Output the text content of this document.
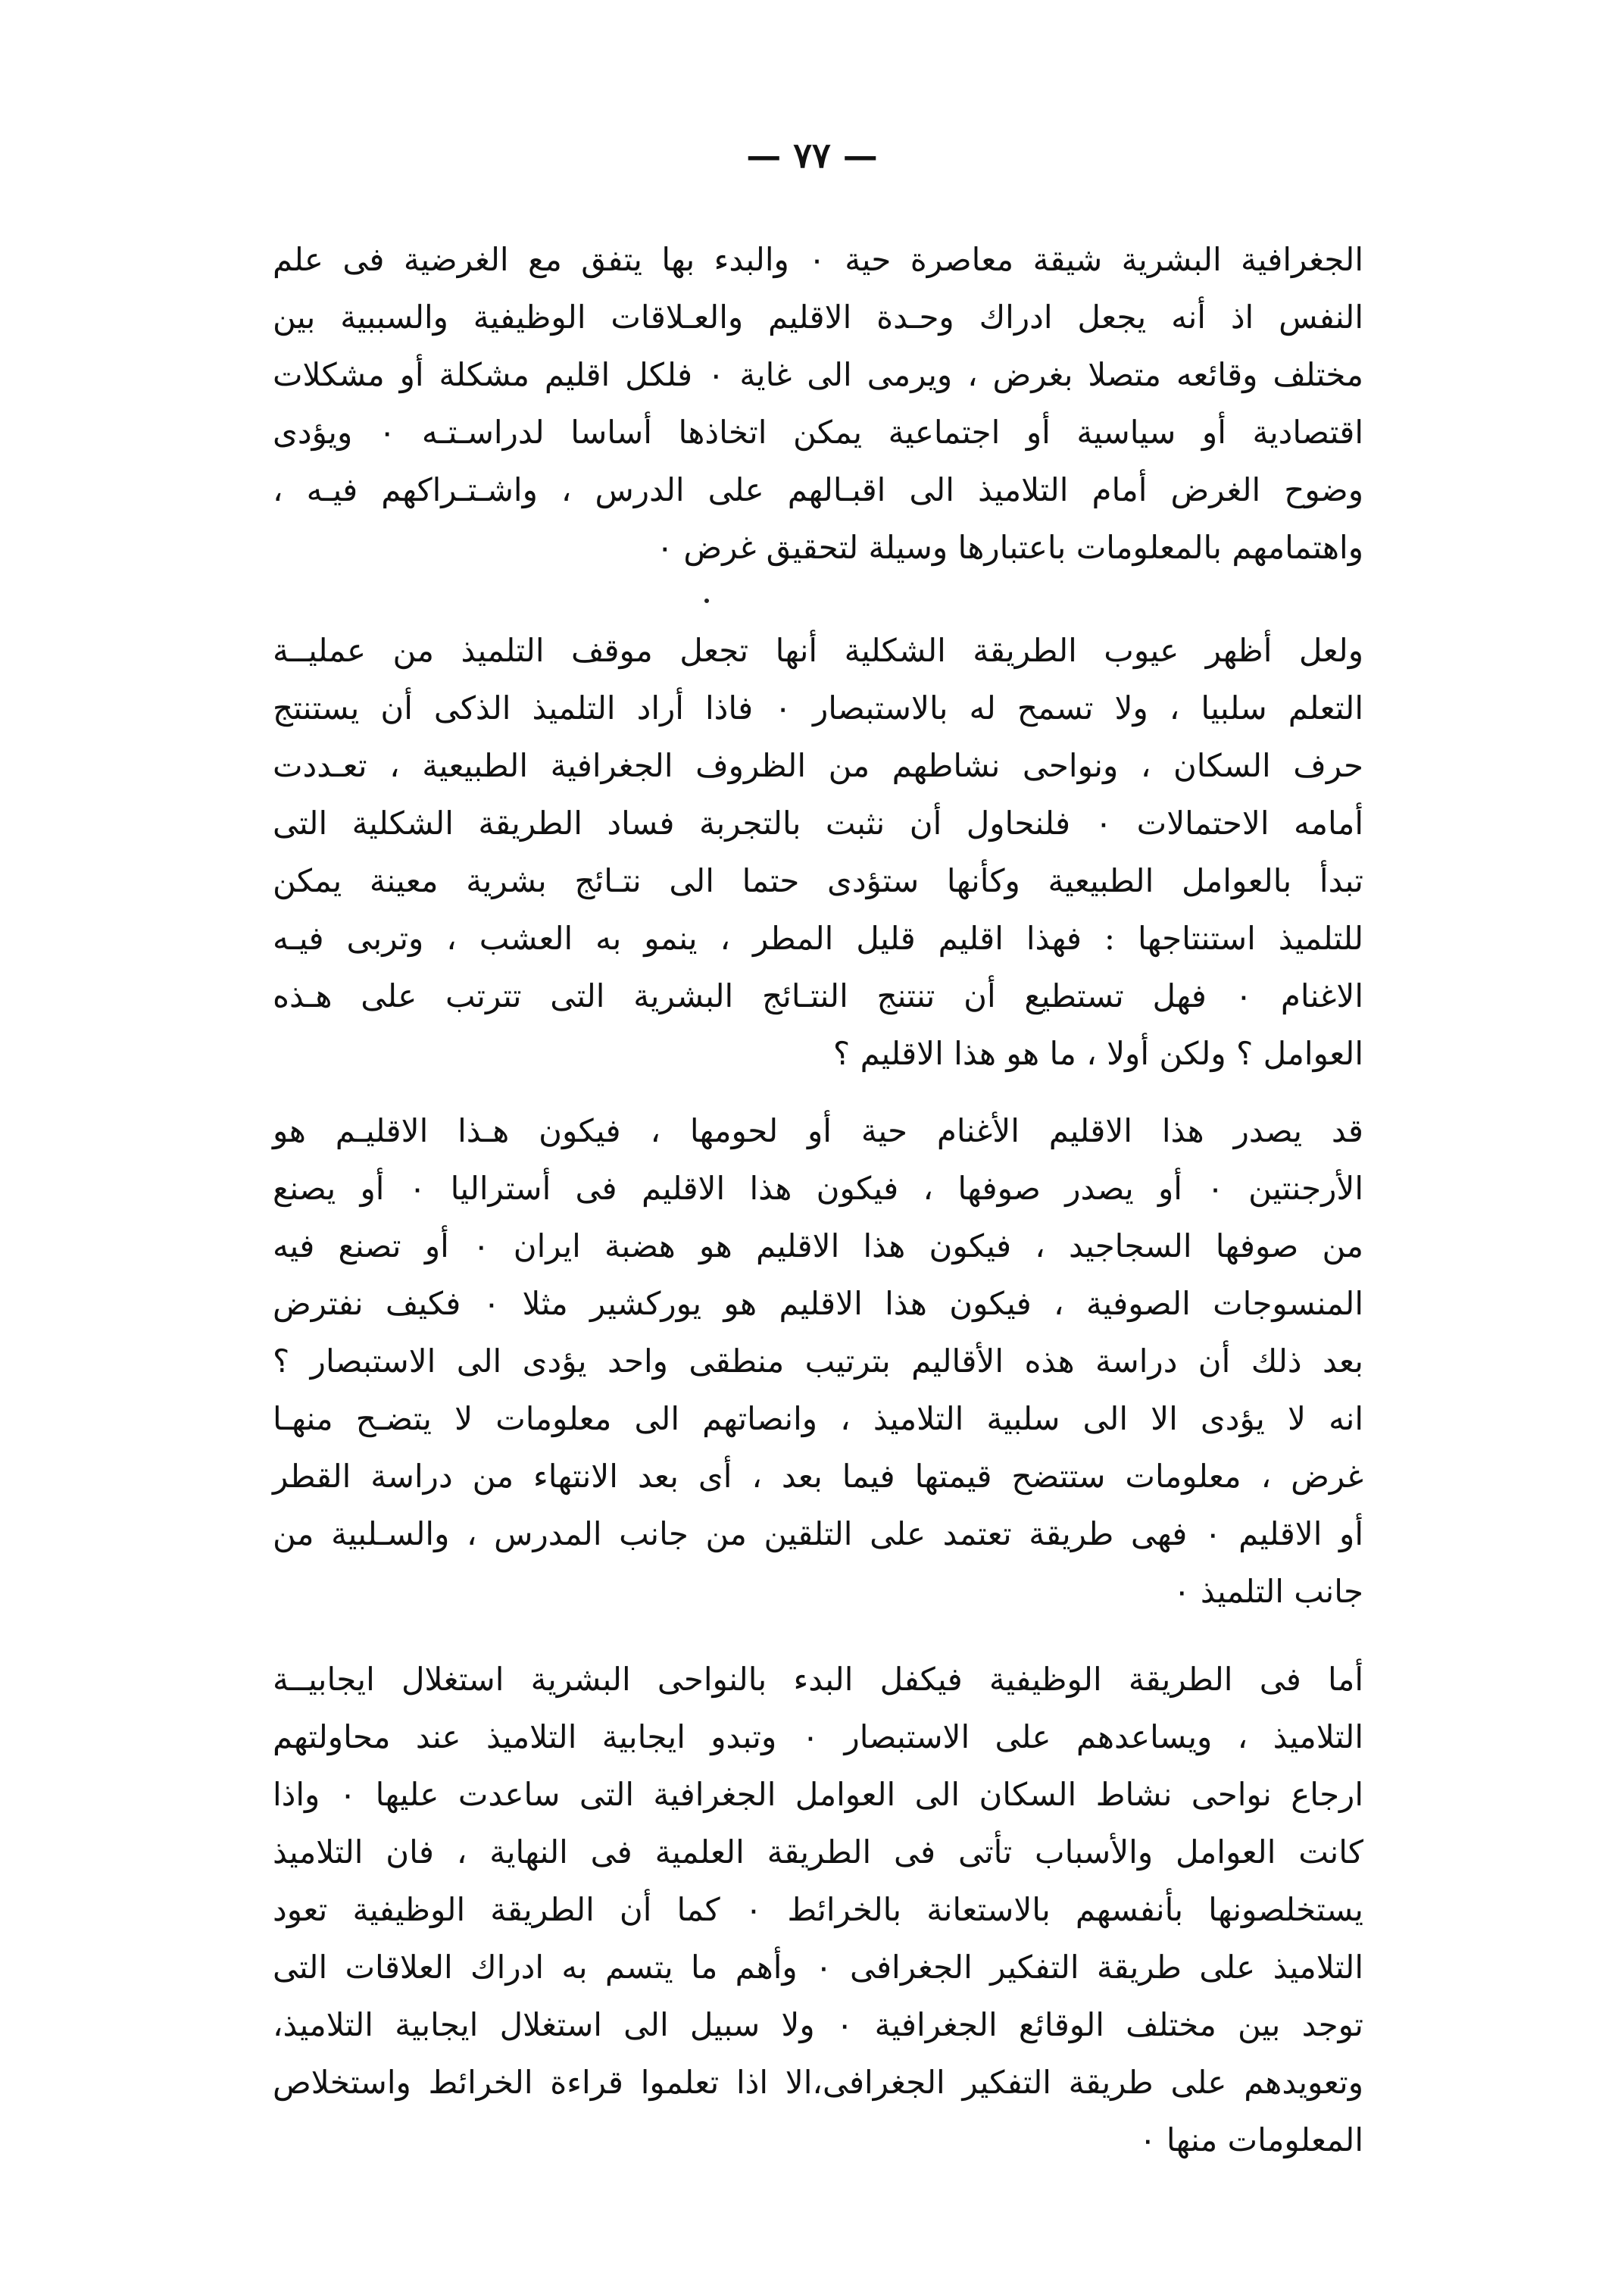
— ٧٧ —
الجغرافية البشرية شيقة معاصرة حية ٠ والبدء بها يتفق مع الغرضية فى علم
النفس اذ أنه يجعل ادراك وحـدة الاقليم والعـلاقات الوظيفية والسببية بين
مختلف وقائعه متصلا بغرض ، ويرمى الى غاية ٠ فلكل اقليم مشكلة أو مشكلات
اقتصادية أو سياسية أو اجتماعية يمكن اتخاذها أساسا لدراسـتـه ٠ ويؤدى
وضوح الغرض أمام التلاميذ الى اقبـالهم على الدرس ، واشـتـراكهم فيـه ،
واهتمامهم بالمعلومات باعتبارها وسيلة لتحقيق غرض ٠
ولعل أظهر عيوب الطريقة الشكلية أنها تجعل موقف التلميذ من عمليــة
التعلم سلبيا ، ولا تسمح له بالاستبصار ٠ فاذا أراد التلميذ الذكى أن يستنتج
حرف السكان ، ونواحى نشاطهم من الظروف الجغرافية الطبيعية ، تعـددت
أمامه الاحتمالات ٠ فلنحاول أن نثبت بالتجربة فساد الطريقة الشكلية التى
تبدأ بالعوامل الطبيعية وكأنها ستؤدى حتما الى نتـائج بشرية معينة يمكن
للتلميذ استنتاجها : فهذا اقليم قليل المطر ، ينمو به العشب ، وتربى فيـه
الاغنام ٠ فهل تستطيع أن تنتنج النتـائج البشرية التى تترتب على هـذه
العوامل ؟ ولكن أولا ، ما هو هذا الاقليم ؟
قد يصدر هذا الاقليم الأغنام حية أو لحومها ، فيكون هـذا الاقليـم هو
الأرجنتين ٠ أو يصدر صوفها ، فيكون هذا الاقليم فى أستراليا ٠ أو يصنع
من صوفها السجاجيد ، فيكون هذا الاقليم هو هضبة ايران ٠ أو تصنع فيه
المنسوجات الصوفية ، فيكون هذا الاقليم هو يوركشير مثلا ٠ فكيف نفترض
بعد ذلك أن دراسة هذه الأقاليم بترتيب منطقى واحد يؤدى الى الاستبصار ؟
انه لا يؤدى الا الى سلبية التلاميذ ، وانصاتهم الى معلومات لا يتضـح منهـا
غرض ، معلومات ستتضح قيمتها فيما بعد ، أى بعد الانتهاء من دراسة القطر
أو الاقليم ٠ فهى طريقة تعتمد على التلقين من جانب المدرس ، والسـلبية من
جانب التلميذ ٠
أما فى الطريقة الوظيفية فيكفل البدء بالنواحى البشرية استغلال ايجابيــة
التلاميذ ، ويساعدهم على الاستبصار ٠ وتبدو ايجابية التلاميذ عند محاولتهم
ارجاع نواحى نشاط السكان الى العوامل الجغرافية التى ساعدت عليها ٠ واذا
كانت العوامل والأسباب تأتى فى الطريقة العلمية فى النهاية ، فان التلاميذ
يستخلصونها بأنفسهم بالاستعانة بالخرائط ٠ كما أن الطريقة الوظيفية تعود
التلاميذ على طريقة التفكير الجغرافى ٠ وأهم ما يتسم به ادراك العلاقات التى
توجد بين مختلف الوقائع الجغرافية ٠ ولا سبيل الى استغلال ايجابية التلاميذ،
وتعويدهم على طريقة التفكير الجغرافى،الا اذا تعلموا قراءة الخرائط واستخلاص
المعلومات منها ٠
